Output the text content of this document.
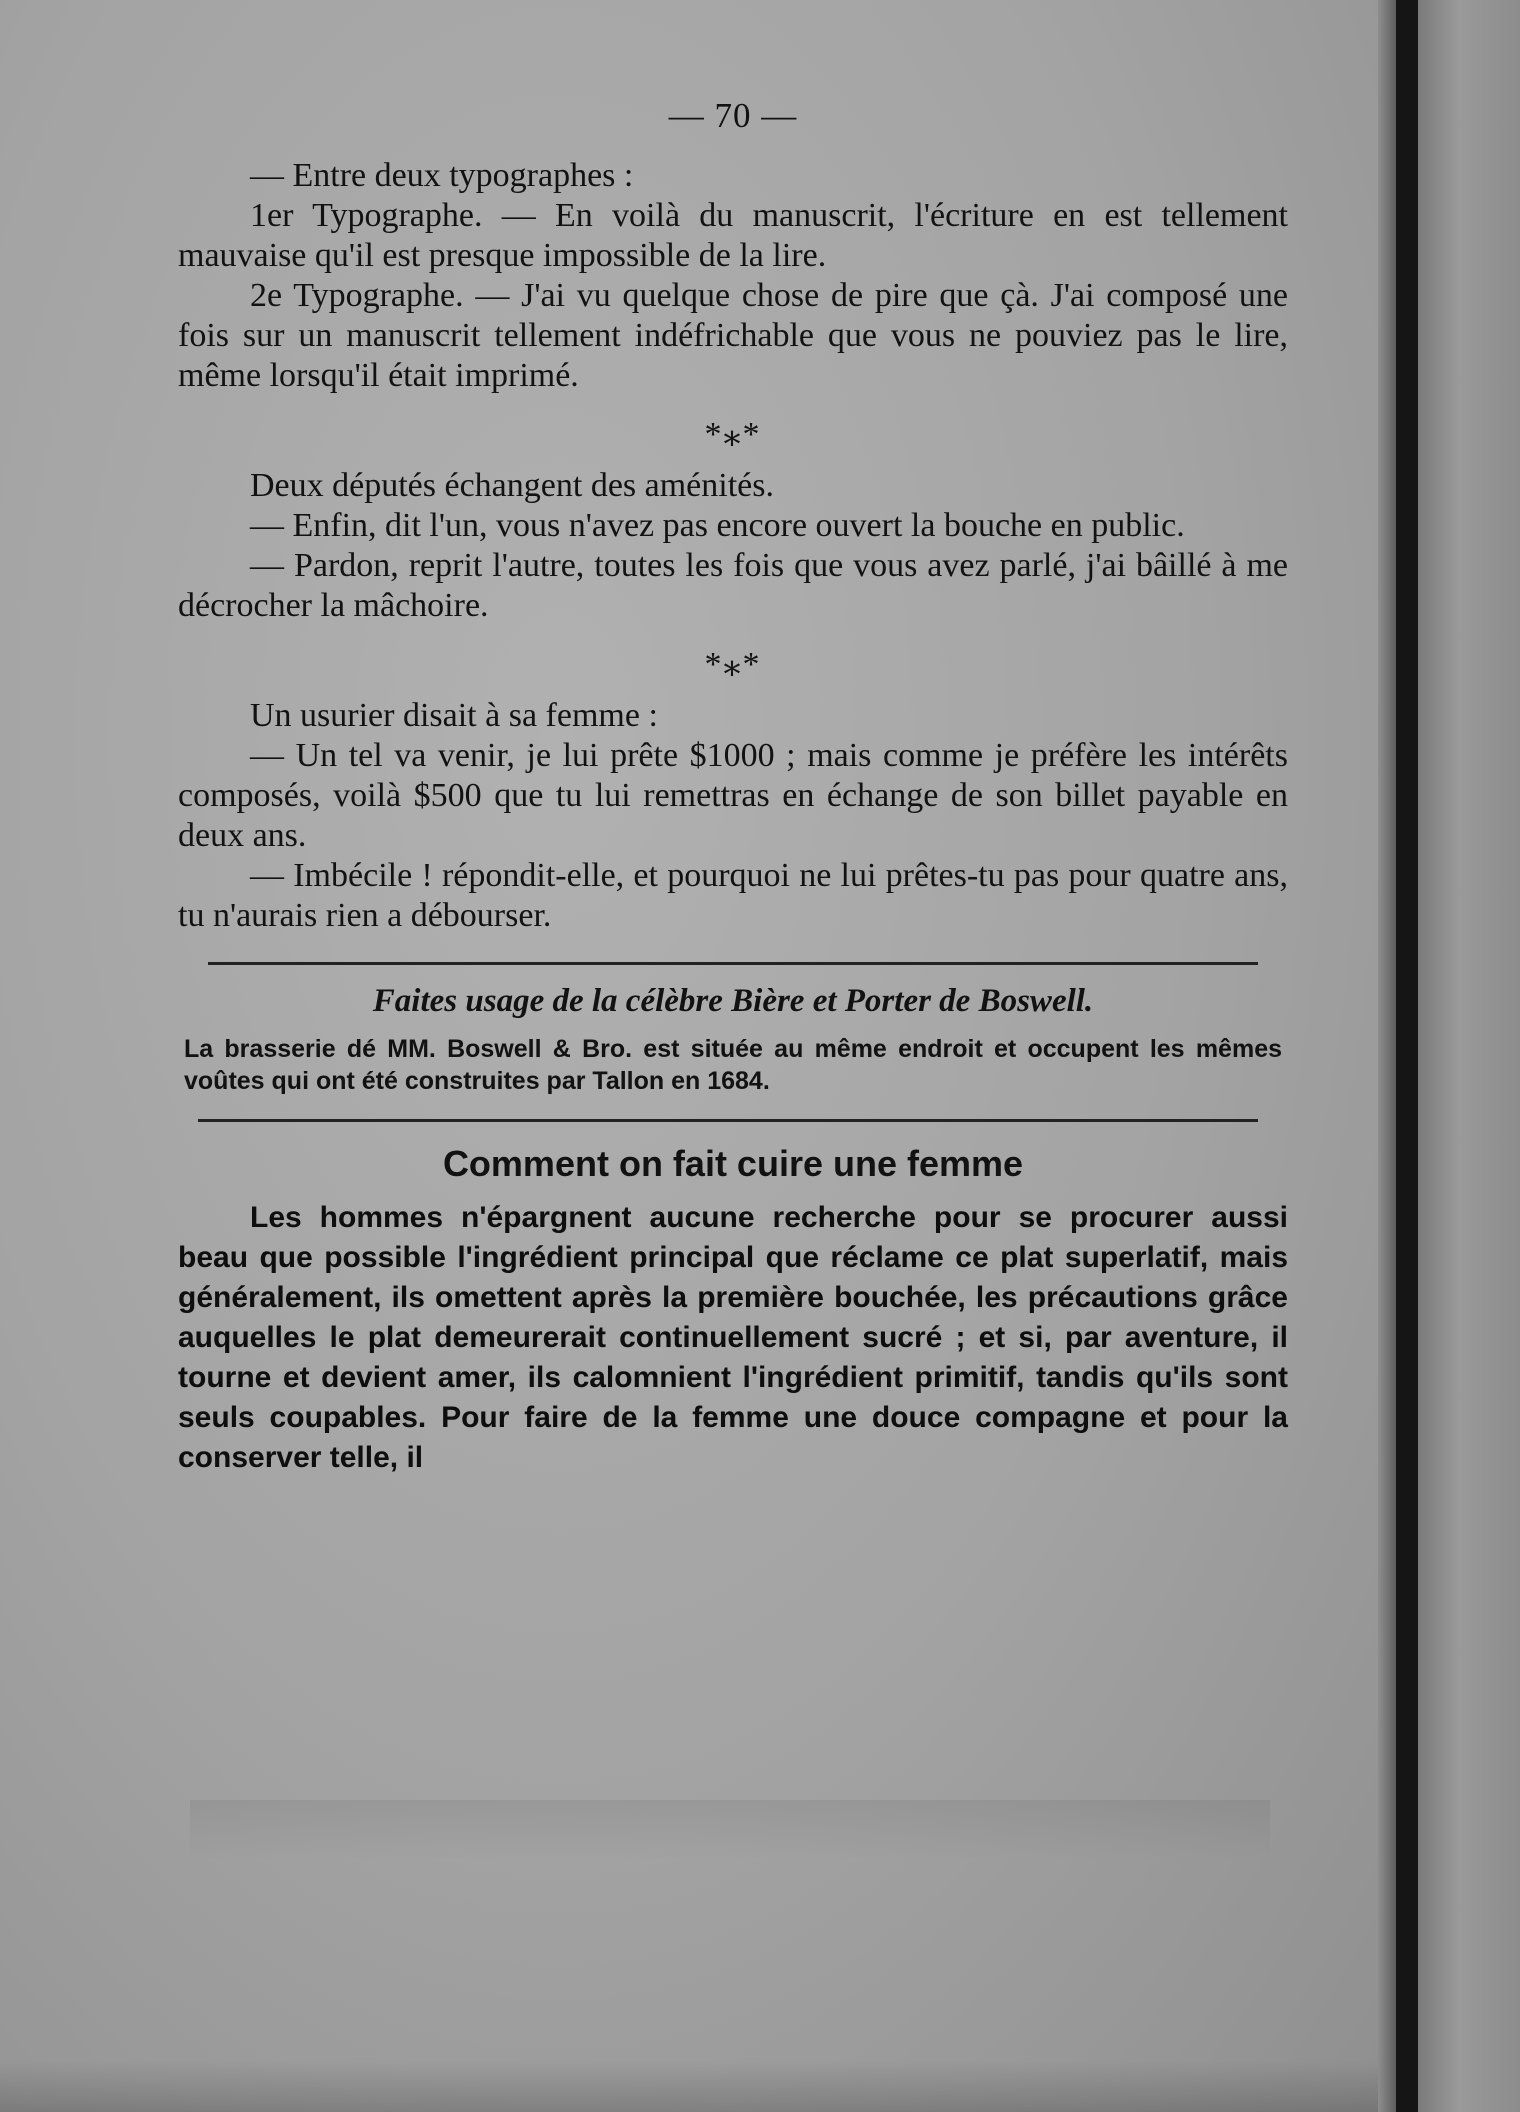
— 70 —

— Entre deux typographes :

1er Typographe. — En voilà du manuscrit, l'écriture en est tellement mauvaise qu'il est presque impossible de la lire.

2e Typographe. — J'ai vu quelque chose de pire que çà. J'ai composé une fois sur un manuscrit tellement indéfrichable que vous ne pouviez pas le lire, même lorsqu'il était imprimé.

*⁎*

Deux députés échangent des aménités.

— Enfin, dit l'un, vous n'avez pas encore ouvert la bouche en public.

— Pardon, reprit l'autre, toutes les fois que vous avez parlé, j'ai bâillé à me décrocher la mâchoire.

*⁎*

Un usurier disait à sa femme :

— Un tel va venir, je lui prête $1000 ; mais comme je préfère les intérêts composés, voilà $500 que tu lui remettras en échange de son billet payable en deux ans.

— Imbécile ! répondit-elle, et pourquoi ne lui prêtes-tu pas pour quatre ans, tu n'aurais rien a débourser.

Faites usage de la célèbre Bière et Porter de Boswell.
La brasserie dé MM. Boswell & Bro. est située au même endroit et occupent les mêmes voûtes qui ont été construites par Tallon en 1684.
Comment on fait cuire une femme

Les hommes n'épargnent aucune recherche pour se procurer aussi beau que possible l'ingrédient principal que réclame ce plat superlatif, mais généralement, ils omettent après la première bouchée, les précautions grâce auquelles le plat demeurerait continuellement sucré ; et si, par aventure, il tourne et devient amer, ils calomnient l'ingrédient primitif, tandis qu'ils sont seuls coupables. Pour faire de la femme une douce compagne et pour la conserver telle, il
